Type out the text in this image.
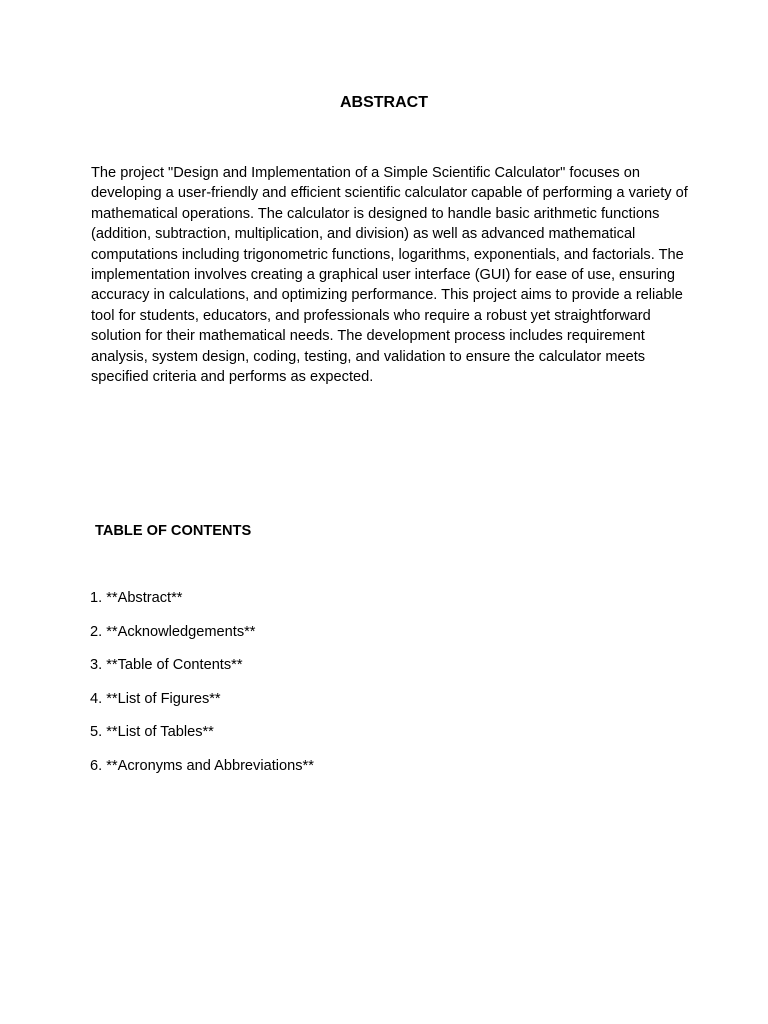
ABSTRACT

The project "Design and Implementation of a Simple Scientific Calculator" focuses on developing a user-friendly and efficient scientific calculator capable of performing a variety of mathematical operations. The calculator is designed to handle basic arithmetic functions (addition, subtraction, multiplication, and division) as well as advanced mathematical computations including trigonometric functions, logarithms, exponentials, and factorials. The implementation involves creating a graphical user interface (GUI) for ease of use, ensuring accuracy in calculations, and optimizing performance. This project aims to provide a reliable tool for students, educators, and professionals who require a robust yet straightforward solution for their mathematical needs. The development process includes requirement analysis, system design, coding, testing, and validation to ensure the calculator meets specified criteria and performs as expected.

TABLE OF CONTENTS
1. **Abstract**
2. **Acknowledgements**
3. **Table of Contents**
4. **List of Figures**
5. **List of Tables**
6. **Acronyms and Abbreviations**
